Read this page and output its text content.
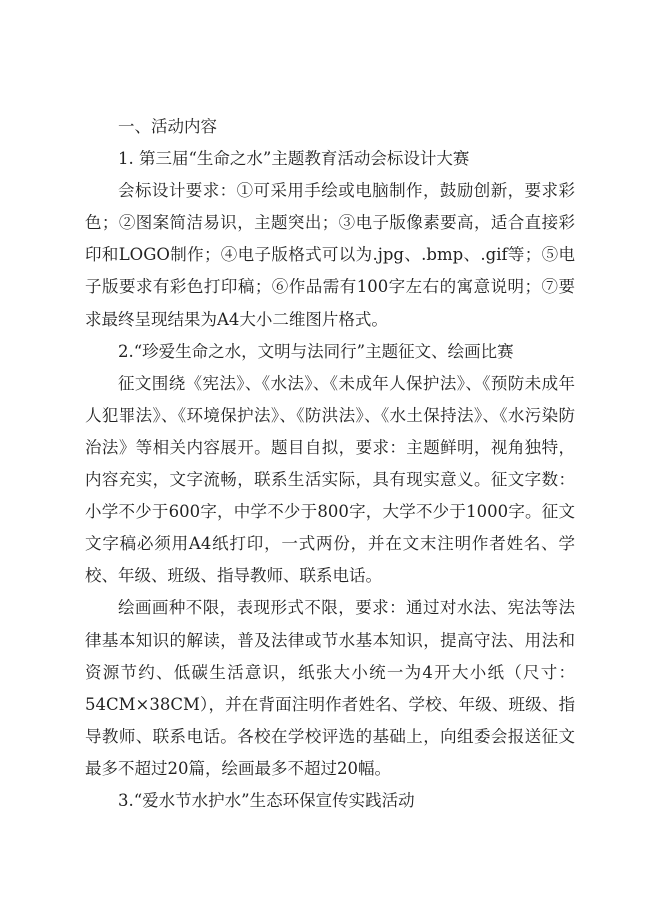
一、活动内容

1. 第三届“生命之水”主题教育活动会标设计大赛

会标设计要求：①可采用手绘或电脑制作，鼓励创新，要求彩色；②图案简洁易识，主题突出；③电子版像素要高，适合直接彩印和LOGO制作；④电子版格式可以为.jpg、.bmp、.gif等；⑤电子版要求有彩色打印稿；⑥作品需有100字左右的寓意说明；⑦要求最终呈现结果为A4大小二维图片格式。

2.“珍爱生命之水，文明与法同行”主题征文、绘画比赛

征文围绕《宪法》、《水法》、《未成年人保护法》、《预防未成年人犯罪法》、《环境保护法》、《防洪法》、《水土保持法》、《水污染防治法》等相关内容展开。题目自拟，要求：主题鲜明，视角独特，内容充实，文字流畅，联系生活实际，具有现实意义。征文字数：小学不少于600字，中学不少于800字，大学不少于1000字。征文文字稿必须用A4纸打印，一式两份，并在文末注明作者姓名、学校、年级、班级、指导教师、联系电话。

绘画画种不限，表现形式不限，要求：通过对水法、宪法等法律基本知识的解读，普及法律或节水基本知识，提高守法、用法和资源节约、低碳生活意识，纸张大小统一为4开大小纸（尺寸：54CM×38CM），并在背面注明作者姓名、学校、年级、班级、指导教师、联系电话。各校在学校评选的基础上，向组委会报送征文最多不超过20篇，绘画最多不超过20幅。

3.“爱水节水护水”生态环保宣传实践活动
